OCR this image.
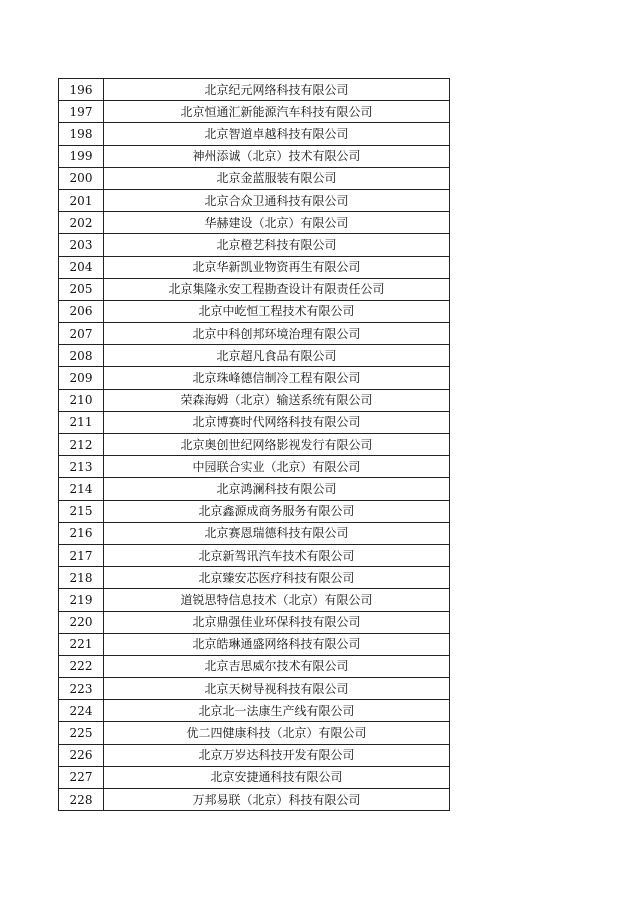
196	北京纪元网络科技有限公司
197	北京恒通汇新能源汽车科技有限公司
198	北京智道卓越科技有限公司
199	神州添诚（北京）技术有限公司
200	北京金蓝服装有限公司
201	北京合众卫通科技有限公司
202	华赫建设（北京）有限公司
203	北京橙艺科技有限公司
204	北京华新凯业物资再生有限公司
205	北京集隆永安工程勘查设计有限责任公司
206	北京中屹恒工程技术有限公司
207	北京中科创邦环境治理有限公司
208	北京超凡食品有限公司
209	北京珠峰德信制冷工程有限公司
210	荣森海姆（北京）输送系统有限公司
211	北京博赛时代网络科技有限公司
212	北京奥创世纪网络影视发行有限公司
213	中园联合实业（北京）有限公司
214	北京鸿澜科技有限公司
215	北京鑫源成商务服务有限公司
216	北京赛恩瑞德科技有限公司
217	北京新驾讯汽车技术有限公司
218	北京臻安芯医疗科技有限公司
219	道锐思特信息技术（北京）有限公司
220	北京鼎强佳业环保科技有限公司
221	北京皓琳通盛网络科技有限公司
222	北京吉思威尔技术有限公司
223	北京天树导视科技有限公司
224	北京北一法康生产线有限公司
225	优二四健康科技（北京）有限公司
226	北京万岁达科技开发有限公司
227	北京安捷通科技有限公司
228	万邦易联（北京）科技有限公司
